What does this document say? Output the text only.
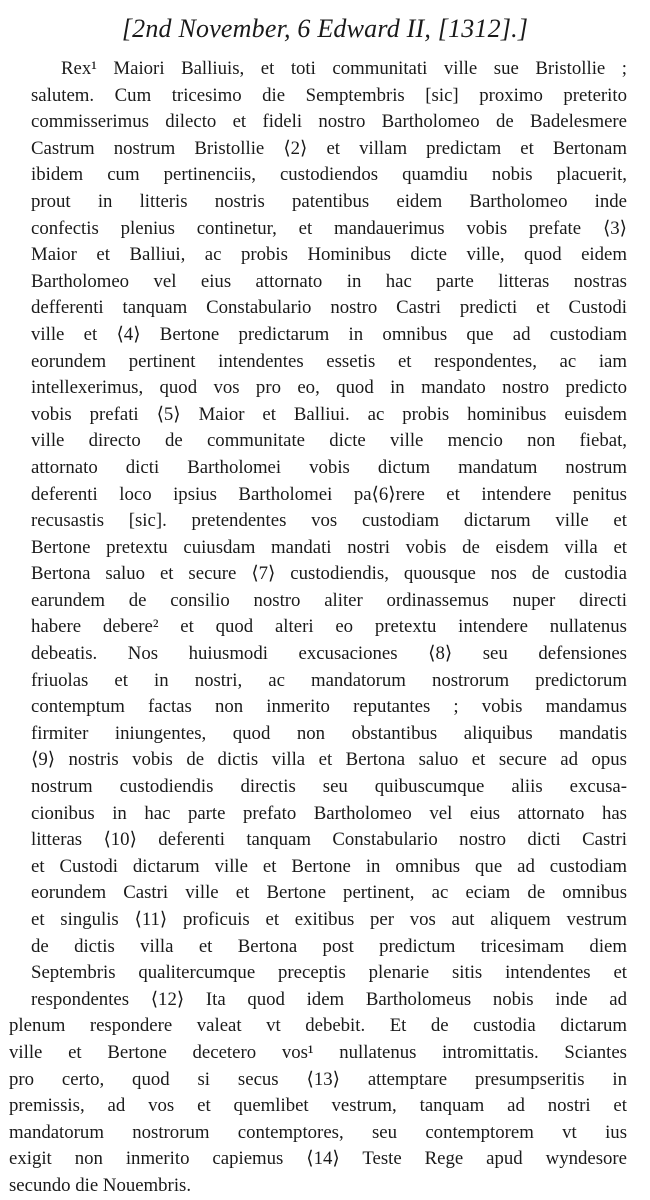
[2nd November, 6 Edward II, [1312].]
Rex¹ Maiori Balliuis, et toti communitati ville sue Bristollie ;
salutem. Cum tricesimo die Semptembris [sic] proximo preterito
commisserimus dilecto et fideli nostro Bartholomeo de Badelesmere
Castrum nostrum Bristollie ⟨2⟩ et villam predictam et Bertonam
ibidem cum pertinenciis, custodiendos quamdiu nobis placuerit,
prout in litteris nostris patentibus eidem Bartholomeo inde
confectis plenius continetur, et mandauerimus vobis prefate ⟨3⟩
Maior et Balliui, ac probis Hominibus dicte ville, quod eidem
Bartholomeo vel eius attornato in hac parte litteras nostras
defferenti tanquam Constabulario nostro Castri predicti et Custodi
ville et ⟨4⟩ Bertone predictarum in omnibus que ad custodiam
eorundem pertinent intendentes essetis et respondentes, ac iam
intellexerimus, quod vos pro eo, quod in mandato nostro predicto
vobis prefati ⟨5⟩ Maior et Balliui. ac probis hominibus euisdem
ville directo de communitate dicte ville mencio non fiebat,
attornato dicti Bartholomei vobis dictum mandatum nostrum
deferenti loco ipsius Bartholomei pa⟨6⟩rere et intendere penitus
recusastis [sic]. pretendentes vos custodiam dictarum ville et
Bertone pretextu cuiusdam mandati nostri vobis de eisdem villa et
Bertona saluo et secure ⟨7⟩ custodiendis, quousque nos de custodia
earundem de consilio nostro aliter ordinassemus nuper directi
habere debere² et quod alteri eo pretextu intendere nullatenus
debeatis. Nos huiusmodi excusaciones ⟨8⟩ seu defensiones
friuolas et in nostri, ac mandatorum nostrorum predictorum
contemptum factas non inmerito reputantes ; vobis mandamus
firmiter iniungentes, quod non obstantibus aliquibus mandatis
⟨9⟩ nostris vobis de dictis villa et Bertona saluo et secure ad opus
nostrum custodiendis directis seu quibuscumque aliis excusa-
cionibus in hac parte prefato Bartholomeo vel eius attornato has
litteras ⟨10⟩ deferenti tanquam Constabulario nostro dicti Castri
et Custodi dictarum ville et Bertone in omnibus que ad custodiam
eorundem Castri ville et Bertone pertinent, ac eciam de omnibus
et singulis ⟨11⟩ proficuis et exitibus per vos aut aliquem vestrum
de dictis villa et Bertona post predictum tricesimam diem
Septembris qualitercumque preceptis plenarie sitis intendentes et
respondentes ⟨12⟩ Ita quod idem Bartholomeus nobis inde ad
plenum respondere valeat vt debebit. Et de custodia dictarum
ville et Bertone decetero vos¹ nullatenus intromittatis. Sciantes
pro certo, quod si secus ⟨13⟩ attemptare presumpseritis in
premissis, ad vos et quemlibet vestrum, tanquam ad nostri et
mandatorum nostrorum contemptores, seu contemptorem vt ius
exigit non inmerito capiemus ⟨14⟩ Teste Rege apud wyndesore
secundo die Nouembris.
